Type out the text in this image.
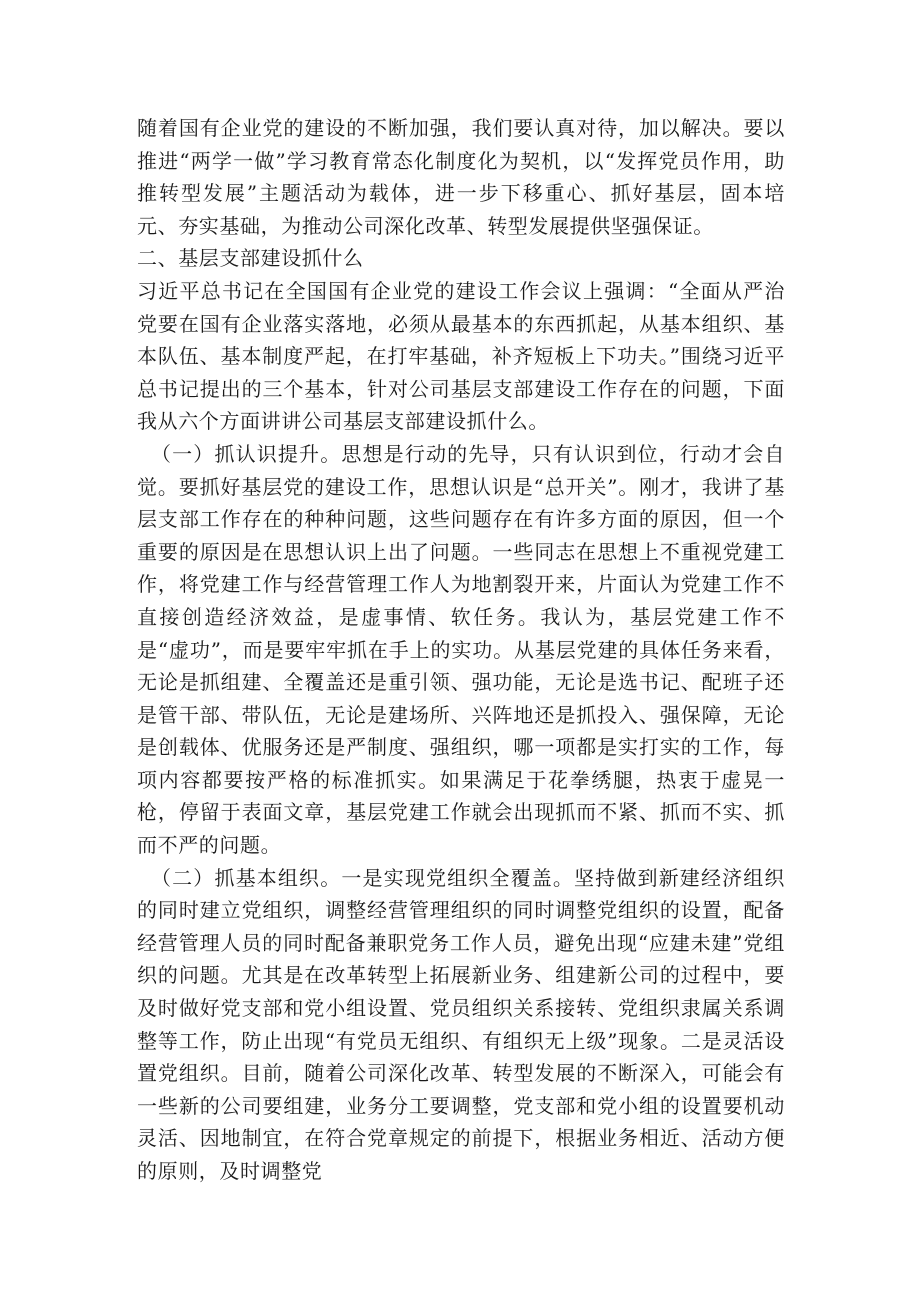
随着国有企业党的建设的不断加强，我们要认真对待，加以解决。要以推进“两学一做”学习教育常态化制度化为契机，以“发挥党员作用，助推转型发展”主题活动为载体，进一步下移重心、抓好基层，固本培元、夯实基础，为推动公司深化改革、转型发展提供坚强保证。

二、基层支部建设抓什么

习近平总书记在全国国有企业党的建设工作会议上强调：“全面从严治党要在国有企业落实落地，必须从最基本的东西抓起，从基本组织、基本队伍、基本制度严起，在打牢基础，补齐短板上下功夫。”围绕习近平总书记提出的三个基本，针对公司基层支部建设工作存在的问题，下面我从六个方面讲讲公司基层支部建设抓什么。

（一）抓认识提升。思想是行动的先导，只有认识到位，行动才会自觉。要抓好基层党的建设工作，思想认识是“总开关”。刚才，我讲了基层支部工作存在的种种问题，这些问题存在有许多方面的原因，但一个重要的原因是在思想认识上出了问题。一些同志在思想上不重视党建工作，将党建工作与经营管理工作人为地割裂开来，片面认为党建工作不直接创造经济效益，是虚事情、软任务。我认为，基层党建工作不是“虚功”，而是要牢牢抓在手上的实功。从基层党建的具体任务来看，无论是抓组建、全覆盖还是重引领、强功能，无论是选书记、配班子还是管干部、带队伍，无论是建场所、兴阵地还是抓投入、强保障，无论是创载体、优服务还是严制度、强组织，哪一项都是实打实的工作，每项内容都要按严格的标准抓实。如果满足于花拳绣腿，热衷于虚晃一枪，停留于表面文章，基层党建工作就会出现抓而不紧、抓而不实、抓而不严的问题。

（二）抓基本组织。一是实现党组织全覆盖。坚持做到新建经济组织的同时建立党组织，调整经营管理组织的同时调整党组织的设置，配备经营管理人员的同时配备兼职党务工作人员，避免出现“应建未建”党组织的问题。尤其是在改革转型上拓展新业务、组建新公司的过程中，要及时做好党支部和党小组设置、党员组织关系接转、党组织隶属关系调整等工作，防止出现“有党员无组织、有组织无上级”现象。二是灵活设置党组织。目前，随着公司深化改革、转型发展的不断深入，可能会有一些新的公司要组建，业务分工要调整，党支部和党小组的设置要机动灵活、因地制宜，在符合党章规定的前提下，根据业务相近、活动方便的原则，及时调整党
